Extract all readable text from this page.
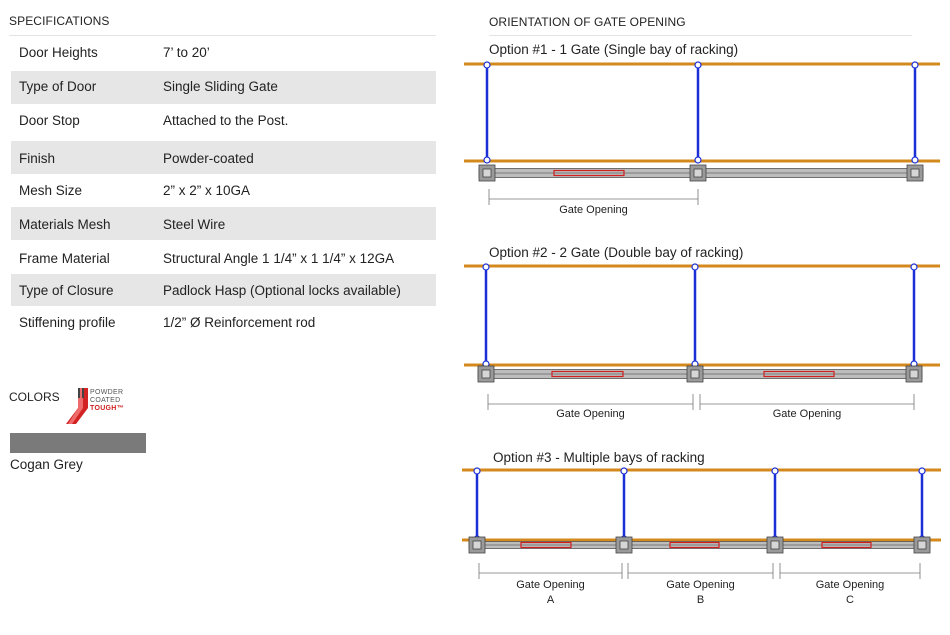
SPECIFICATIONS
Door Heights	7’ to 20’
Type of Door	Single Sliding Gate
Door Stop	Attached to the Post.
Finish	Powder-coated
Mesh Size	2” x 2” x 10GA
Materials Mesh	Steel Wire
Frame Material	Structural Angle 1 1/4” x 1 1/4” x 12GA
Type of Closure	Padlock Hasp (Optional locks available)
Stiffening profile	1/2” Ø Reinforcement rod
COLORS	POWDER
COATED
TOUGH™
Cogan Grey
ORIENTATION OF GATE OPENING
Option #1 - 1 Gate (Single bay of racking)
Option #2 - 2 Gate (Double bay of racking)
Option #3 - Multiple bays of racking
Gate Opening
Gate Opening	Gate Opening
Gate Opening
A
Gate Opening
B
Gate Opening
C
